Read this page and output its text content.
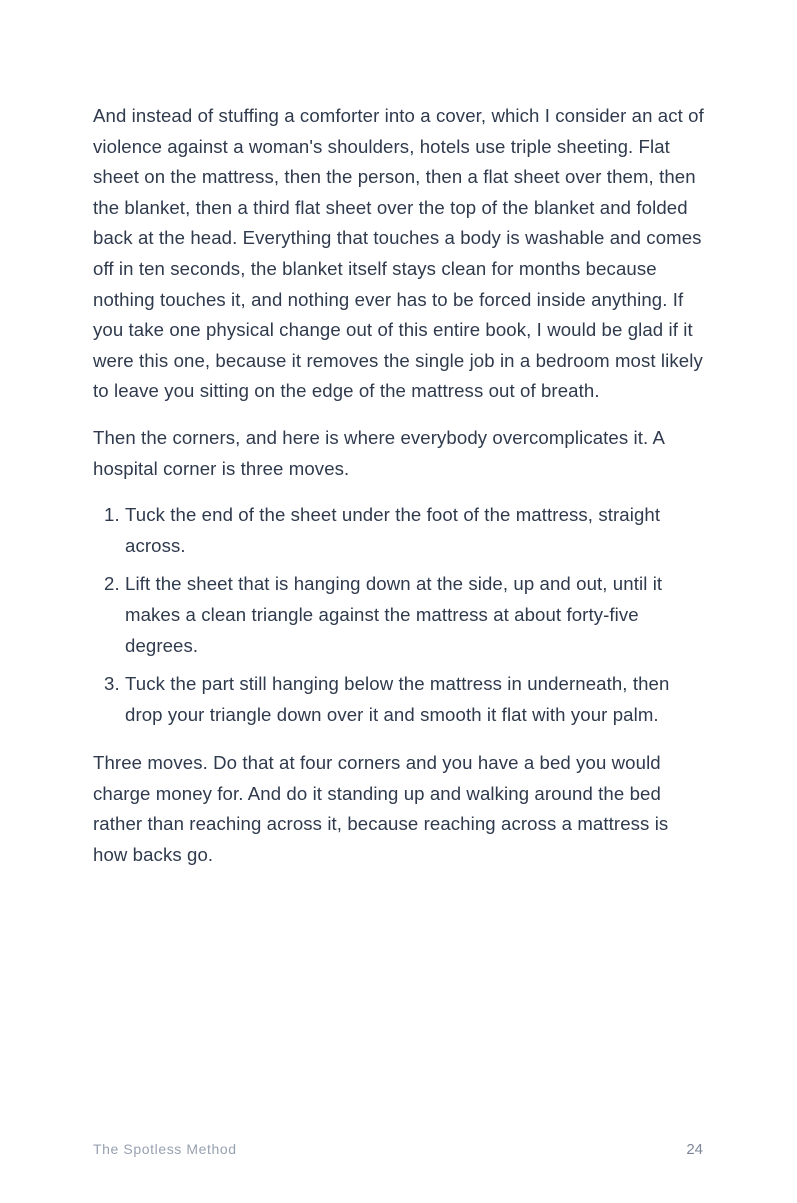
And instead of stuffing a comforter into a cover, which I consider an act of violence against a woman's shoulders, hotels use triple sheeting. Flat sheet on the mattress, then the person, then a flat sheet over them, then the blanket, then a third flat sheet over the top of the blanket and folded back at the head. Everything that touches a body is washable and comes off in ten seconds, the blanket itself stays clean for months because nothing touches it, and nothing ever has to be forced inside anything. If you take one physical change out of this entire book, I would be glad if it were this one, because it removes the single job in a bedroom most likely to leave you sitting on the edge of the mattress out of breath.

Then the corners, and here is where everybody overcomplicates it. A hospital corner is three moves.

1. Tuck the end of the sheet under the foot of the mattress, straight across.
2. Lift the sheet that is hanging down at the side, up and out, until it makes a clean triangle against the mattress at about forty-five degrees.
3. Tuck the part still hanging below the mattress in underneath, then drop your triangle down over it and smooth it flat with your palm.

Three moves. Do that at four corners and you have a bed you would charge money for. And do it standing up and walking around the bed rather than reaching across it, because reaching across a mattress is how backs go.

The Spotless Method	24
